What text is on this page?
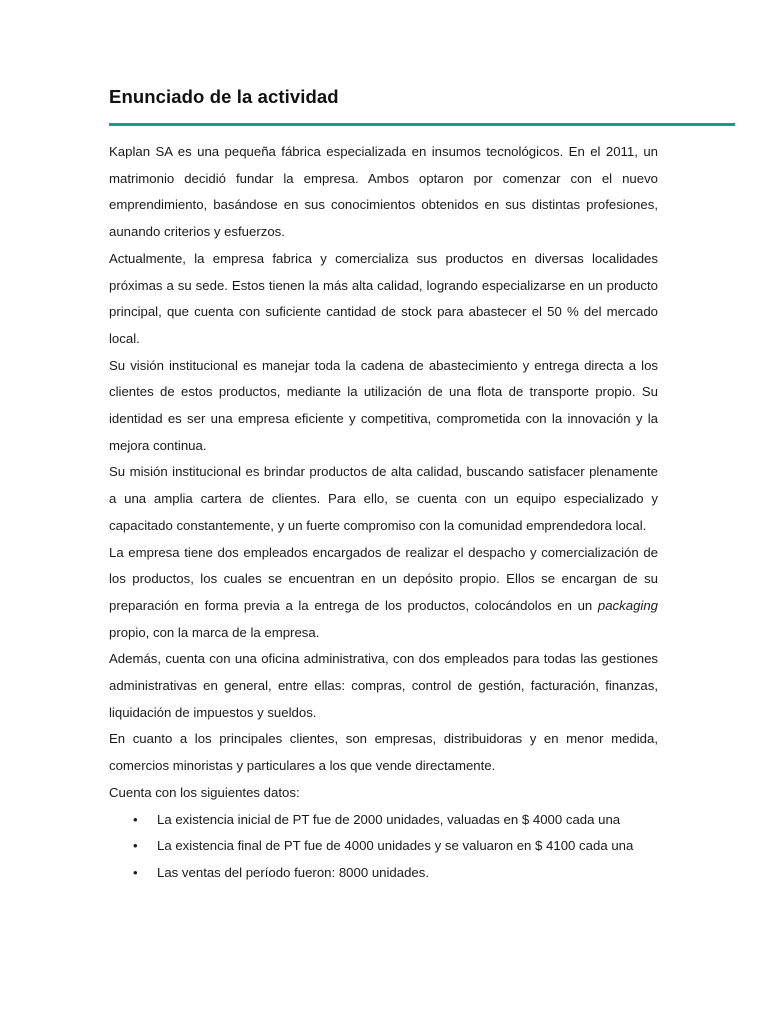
Enunciado de la actividad

Kaplan SA es una pequeña fábrica especializada en insumos tecnológicos. En el 2011, un matrimonio decidió fundar la empresa. Ambos optaron por comenzar con el nuevo emprendimiento, basándose en sus conocimientos obtenidos en sus distintas profesiones, aunando criterios y esfuerzos.

Actualmente, la empresa fabrica y comercializa sus productos en diversas localidades próximas a su sede. Estos tienen la más alta calidad, logrando especializarse en un producto principal, que cuenta con suficiente cantidad de stock para abastecer el 50 % del mercado local.

Su visión institucional es manejar toda la cadena de abastecimiento y entrega directa a los clientes de estos productos, mediante la utilización de una flota de transporte propio. Su identidad es ser una empresa eficiente y competitiva, comprometida con la innovación y la mejora continua.

Su misión institucional es brindar productos de alta calidad, buscando satisfacer plenamente a una amplia cartera de clientes. Para ello, se cuenta con un equipo especializado y capacitado constantemente, y un fuerte compromiso con la comunidad emprendedora local.

La empresa tiene dos empleados encargados de realizar el despacho y comercialización de los productos, los cuales se encuentran en un depósito propio. Ellos se encargan de su preparación en forma previa a la entrega de los productos, colocándolos en un packaging propio, con la marca de la empresa.

Además, cuenta con una oficina administrativa, con dos empleados para todas las gestiones administrativas en general, entre ellas: compras, control de gestión, facturación, finanzas, liquidación de impuestos y sueldos.

En cuanto a los principales clientes, son empresas, distribuidoras y en menor medida, comercios minoristas y particulares a los que vende directamente.

Cuenta con los siguientes datos:

• La existencia inicial de PT fue de 2000 unidades, valuadas en $ 4000 cada una
• La existencia final de PT fue de 4000 unidades y se valuaron en $ 4100 cada una
• Las ventas del período fueron: 8000 unidades.
